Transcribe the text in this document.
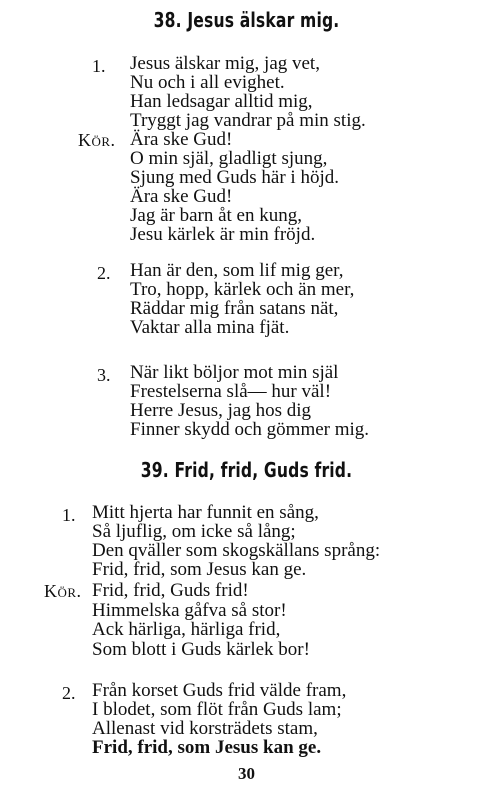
38. Jesus älskar mig.
1. Jesus älskar mig, jag vet,
Nu och i all evighet.
Han ledsagar alltid mig,
Tryggt jag vandrar på min stig.
Kör. Ära ske Gud!
O min själ, gladligt sjung,
Sjung med Guds här i höjd.
Ära ske Gud!
Jag är barn åt en kung,
Jesu kärlek är min fröjd.
2. Han är den, som lif mig ger,
Tro, hopp, kärlek och än mer,
Räddar mig från satans nät,
Vaktar alla mina fjät.
3. När likt böljor mot min själ
Frestelserna slå— hur väl!
Herre Jesus, jag hos dig
Finner skydd och gömmer mig.
39. Frid, frid, Guds frid.
1. Mitt hjerta har funnit en sång,
Så ljuflig, om icke så lång;
Den qväller som skogskällans språng:
Frid, frid, som Jesus kan ge.
Kör. Frid, frid, Guds frid!
Himmelska gåfva så stor!
Ack härliga, härliga frid,
Som blott i Guds kärlek bor!
2. Från korset Guds frid välde fram,
I blodet, som flöt från Guds lam;
Allenast vid korsträdets stam,
Frid, frid, som Jesus kan ge.
30
